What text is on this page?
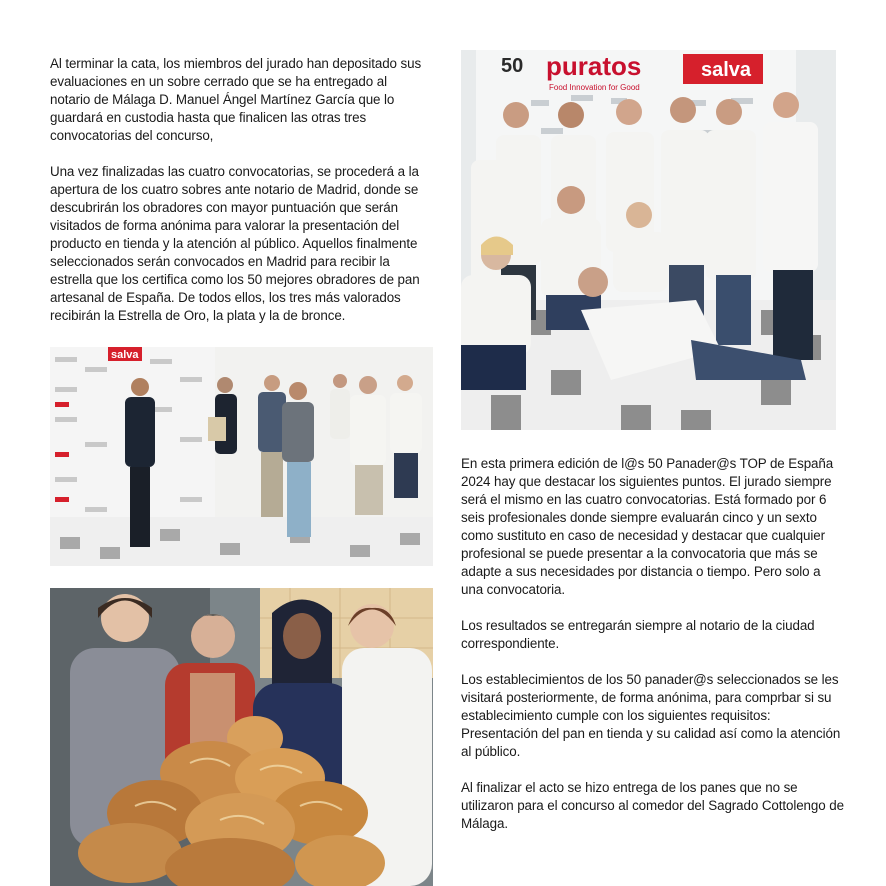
Al terminar la cata, los miembros del jurado han depositado sus evaluaciones en un sobre cerrado que se ha entregado al notario de Málaga D. Manuel Ángel Martínez García que lo guardará en custodia hasta que finalicen las otras tres convocatorias del concurso,

Una vez finalizadas las cuatro convocatorias, se procederá a la apertura de los cuatro sobres ante notario de Madrid, donde se descubrirán los obradores con mayor puntuación que serán visitados de forma anónima para valorar la presentación del producto en tienda y la atención al público. Aquellos finalmente seleccionados serán convocados en Madrid para recibir la estrella que los certifica como los 50 mejores obradores de pan artesanal de España. De todos ellos, los tres más valorados recibirán la Estrella de Oro, la plata y la de bronce.

50 puratos
Food Innovation for Good
salva
salva

En esta primera edición de l@s 50 Panader@s TOP de España 2024 hay que destacar los siguientes puntos. El jurado siempre será el mismo en las cuatro convocatorias. Está formado por 6 seis profesionales donde siempre evaluarán cinco y un sexto como sustituto en caso de necesidad y destacar que cualquier profesional se puede presentar a la convocatoria que más se adapte a sus necesidades por distancia o tiempo. Pero solo a una convocatoria.

Los resultados se entregarán siempre al notario de la ciudad correspondiente.

Los establecimientos de los 50 panader@s seleccionados se les visitará posteriormente, de forma anónima, para comprbar si su establecimiento cumple con los siguientes requisitos: Presentación del pan en tienda y su calidad así como la atención al público.

Al finalizar el acto se hizo entrega de los panes que no se utilizaron para el concurso al comedor del Sagrado Cottolengo de Málaga.
